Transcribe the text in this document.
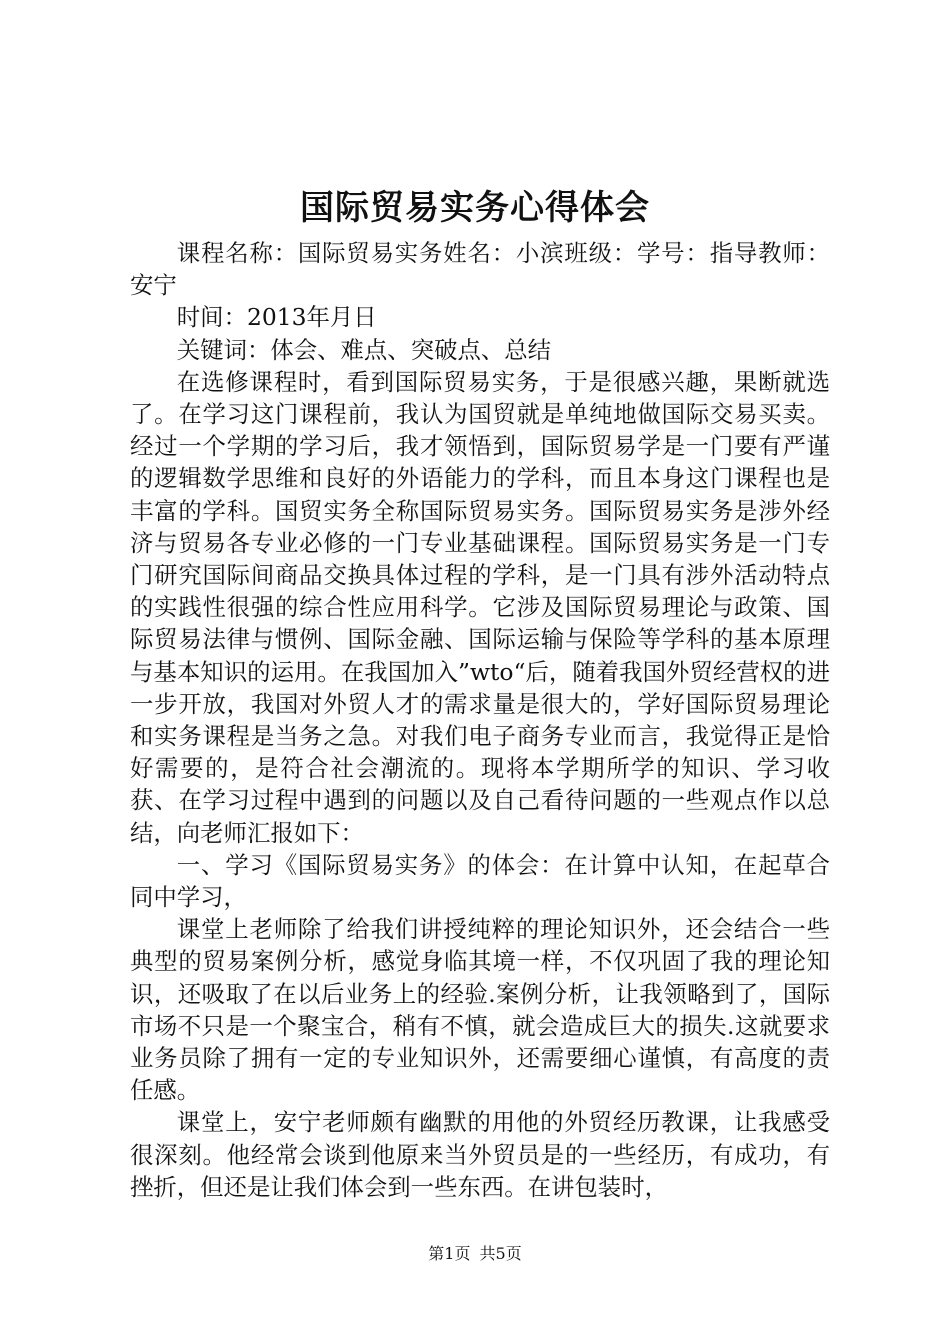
国际贸易实务心得体会

课程名称：国际贸易实务姓名：小滨班级：学号：指导教师：安宁

时间：2013年月日

关键词：体会、难点、突破点、总结

在选修课程时，看到国际贸易实务，于是很感兴趣，果断就选了。在学习这门课程前，我认为国贸就是单纯地做国际交易买卖。经过一个学期的学习后，我才领悟到，国际贸易学是一门要有严谨的逻辑数学思维和良好的外语能力的学科，而且本身这门课程也是丰富的学科。国贸实务全称国际贸易实务。国际贸易实务是涉外经济与贸易各专业必修的一门专业基础课程。国际贸易实务是一门专门研究国际间商品交换具体过程的学科，是一门具有涉外活动特点的实践性很强的综合性应用科学。它涉及国际贸易理论与政策、国际贸易法律与惯例、国际金融、国际运输与保险等学科的基本原理与基本知识的运用。在我国加入”wto“后，随着我国外贸经营权的进一步开放，我国对外贸人才的需求量是很大的，学好国际贸易理论和实务课程是当务之急。对我们电子商务专业而言，我觉得正是恰好需要的，是符合社会潮流的。现将本学期所学的知识、学习收获、在学习过程中遇到的问题以及自己看待问题的一些观点作以总结，向老师汇报如下：

一、学习《国际贸易实务》的体会：在计算中认知，在起草合同中学习，

课堂上老师除了给我们讲授纯粹的理论知识外，还会结合一些典型的贸易案例分析，感觉身临其境一样，不仅巩固了我的理论知识，还吸取了在以后业务上的经验.案例分析，让我领略到了，国际市场不只是一个聚宝合，稍有不慎，就会造成巨大的损失.这就要求业务员除了拥有一定的专业知识外，还需要细心谨慎，有高度的责任感。

课堂上，安宁老师颇有幽默的用他的外贸经历教课，让我感受很深刻。他经常会谈到他原来当外贸员是的一些经历，有成功，有挫折，但还是让我们体会到一些东西。在讲包装时，

第1页 共5页
